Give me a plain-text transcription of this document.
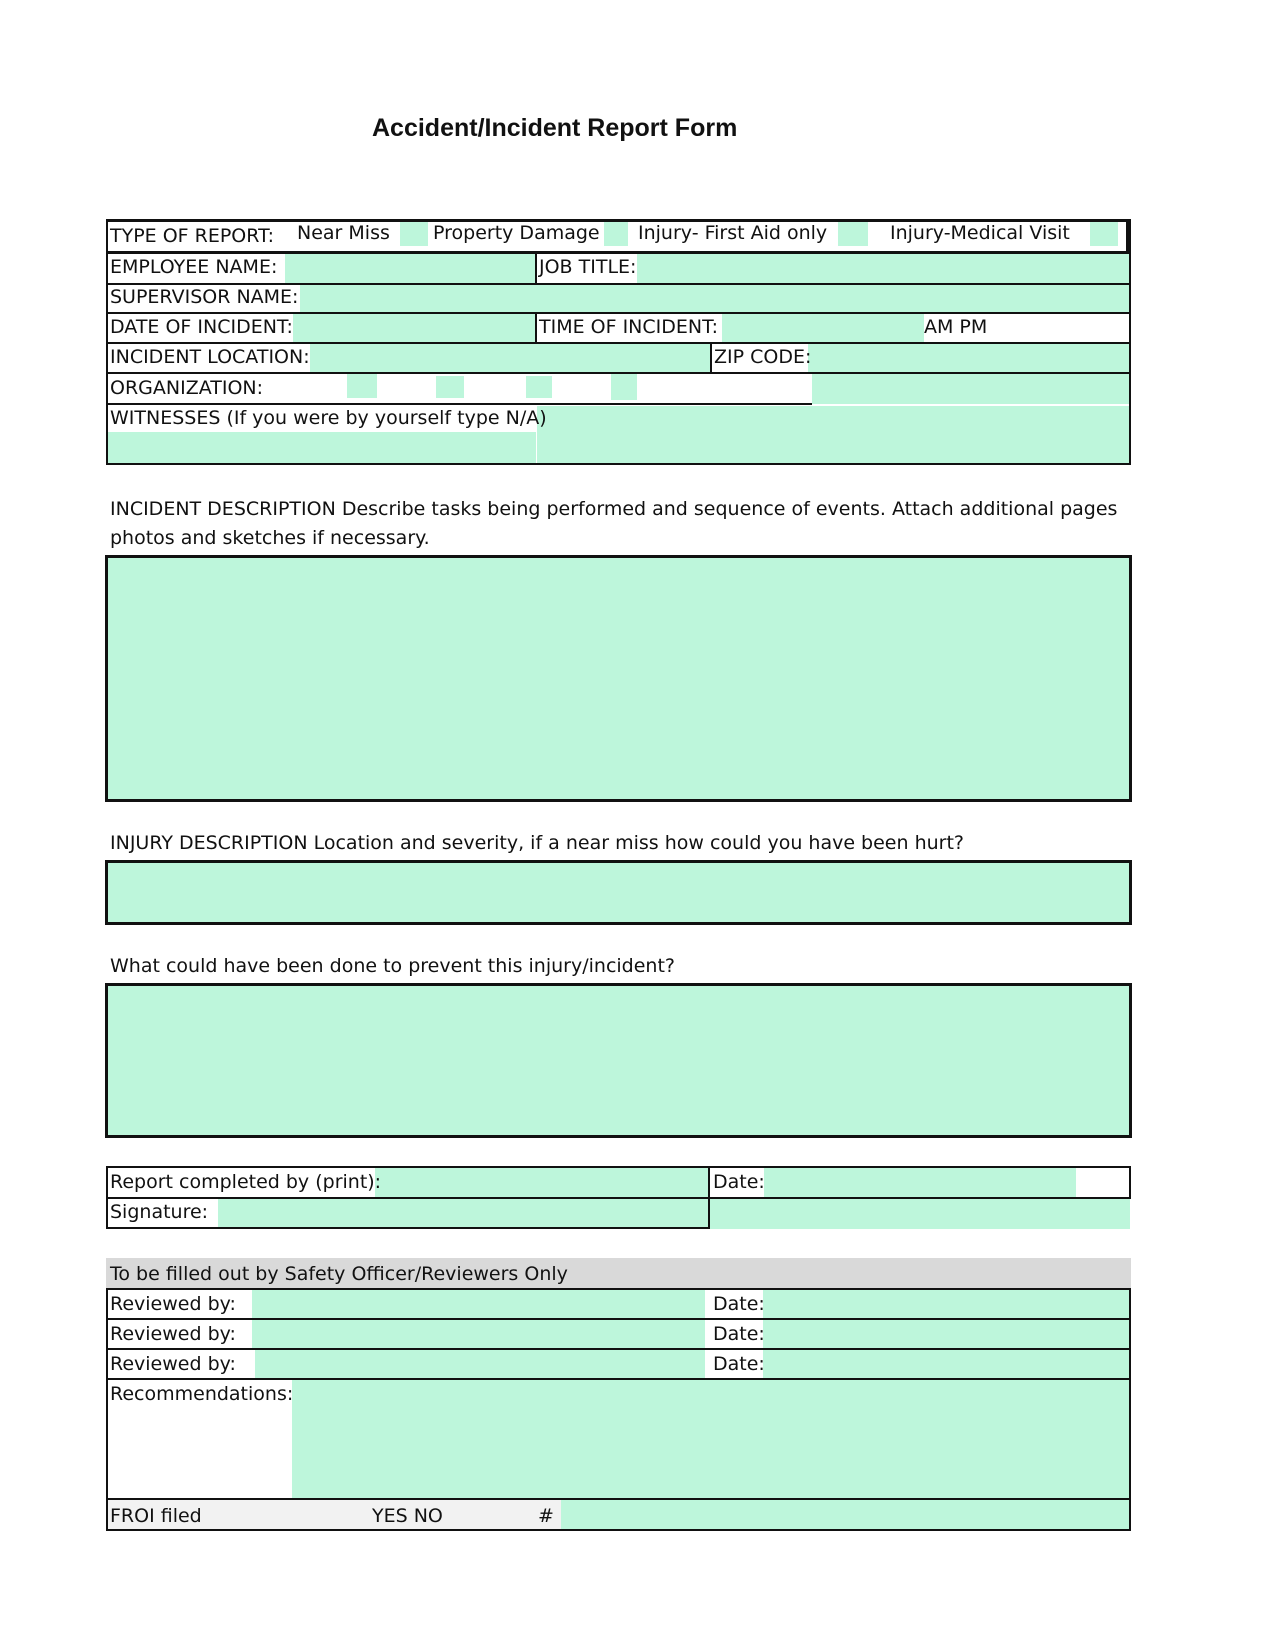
Accident/Incident Report Form
TYPE OF REPORT: Near Miss Property Damage Injury- First Aid only	Injury-Medical Visit
EMPLOYEE NAME:	JOB TITLE:
SUPERVISOR NAME:
DATE OF INCIDENT:	TIME OF INCIDENT:	AM PM
INCIDENT LOCATION:	ZIP CODE:
ORGANIZATION:
WITNESSES (If you were by yourself type N/A)
INCIDENT DESCRIPTION Describe tasks being performed and sequence of events. Attach additional pages
photos and sketches if necessary.
INJURY DESCRIPTION Location and severity, if a near miss how could you have been hurt?
What could have been done to prevent this injury/incident?
Report completed by (print):	Date:
Signature:
To be filled out by Safety Officer/Reviewers Only
Reviewed by:	Date:
Reviewed by:	Date:
Reviewed by:	Date:
Recommendations:
FROI filed	YES NO	#
